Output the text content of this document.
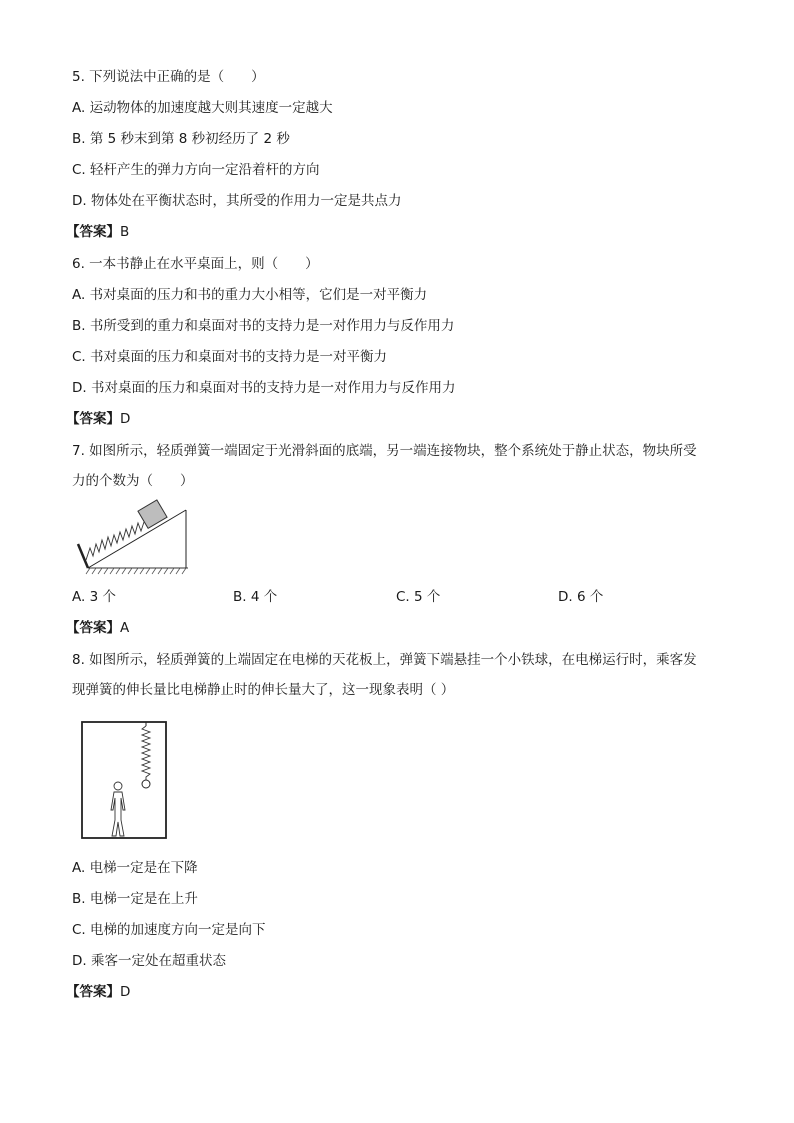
5. 下列说法中正确的是（　　）
A. 运动物体的加速度越大则其速度一定越大
B. 第 5 秒末到第 8 秒初经历了 2 秒
C. 轻杆产生的弹力方向一定沿着杆的方向
D. 物体处在平衡状态时，其所受的作用力一定是共点力
【答案】B
6. 一本书静止在水平桌面上，则（　　）
A. 书对桌面的压力和书的重力大小相等，它们是一对平衡力
B. 书所受到的重力和桌面对书的支持力是一对作用力与反作用力
C. 书对桌面的压力和桌面对书的支持力是一对平衡力
D. 书对桌面的压力和桌面对书的支持力是一对作用力与反作用力
【答案】D
7. 如图所示，轻质弹簧一端固定于光滑斜面的底端，另一端连接物块，整个系统处于静止状态，物块所受
力的个数为（　　）
A. 3 个	B. 4 个	C. 5 个	D. 6 个
【答案】A
8. 如图所示，轻质弹簧的上端固定在电梯的天花板上，弹簧下端悬挂一个小铁球，在电梯运行时，乘客发
现弹簧的伸长量比电梯静止时的伸长量大了，这一现象表明（ ）
A. 电梯一定是在下降
B. 电梯一定是在上升
C. 电梯的加速度方向一定是向下
D. 乘客一定处在超重状态
【答案】D
